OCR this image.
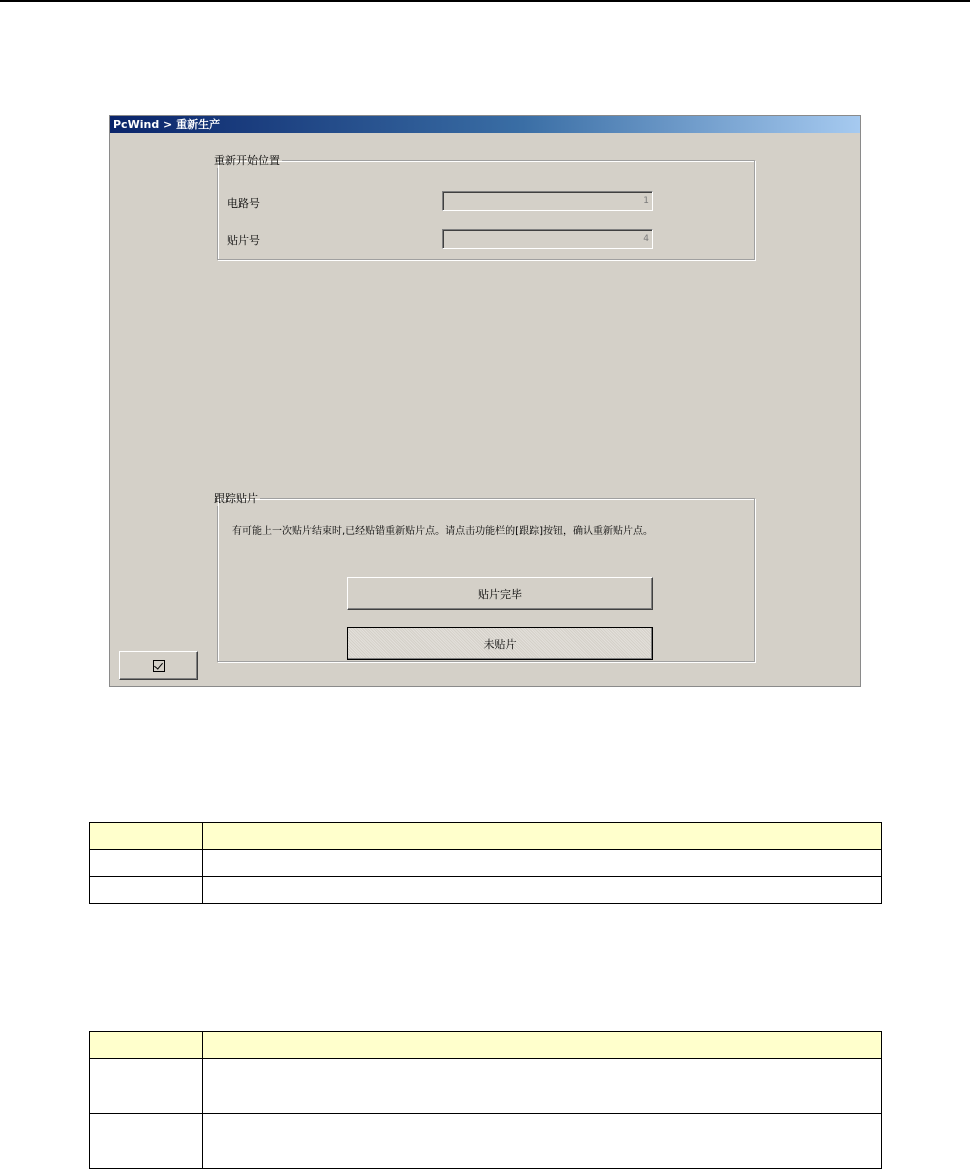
PcWind > 重新生产
重新开始位置
电路号	1
贴片号	4
跟踪贴片
有可能上一次贴片结束时,已经贴错重新贴片点。请点击功能栏的[跟踪]按钮，确认重新贴片点。
贴片完毕
未贴片
